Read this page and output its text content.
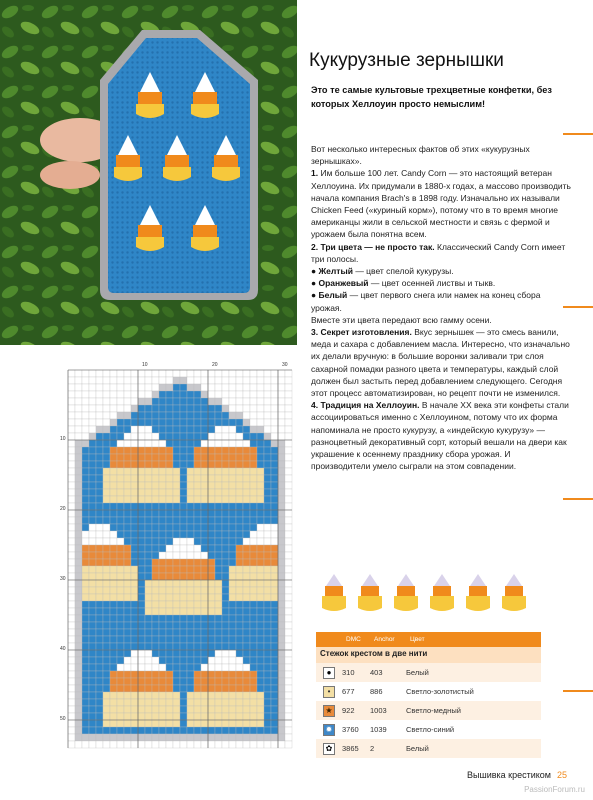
Кукурузные зернышки
Это те самые культовые трехцветные конфетки, без которых Хеллоуин просто немыслим!

Вот несколько интересных фактов об этих «кукурузных зернышках».

1. Им больше 100 лет. Candy Corn — это настоящий ветеран Хеллоуина. Их придумали в 1880-х годах, а массово производить начала компания Brach's в 1898 году. Изначально их называли Chicken Feed («куриный корм»), потому что в то время многие американцы жили в сельской местности и связь с фермой и урожаем была понятна всем.

2. Три цвета — не просто так. Классический Candy Corn имеет три полосы.

● Желтый — цвет спелой кукурузы.

● Оранжевый — цвет осенней листвы и тыкв.

● Белый — цвет первого снега или намек на конец сбора урожая.

Вместе эти цвета передают всю гамму осени.

3. Секрет изготовления. Вкус зернышек — это смесь ванили, меда и сахара с добавлением масла. Интересно, что изначально их делали вручную: в большие воронки заливали три слоя сахарной помадки разного цвета и температуры, каждый слой должен был застыть перед добавлением следующего. Сегодня этот процесс автоматизирован, но рецепт почти не изменился.

4. Традиция на Хеллоуин. В начале XX века эти конфеты стали ассоциироваться именно с Хеллоуином, потому что их форма напоминала не просто кукурузу, а «индейскую кукурузу» — разноцветный декоративный сорт, который вешали на двери как украшение к осеннему празднику сбора урожая. И производители умело сыграли на этом совпадении.

10	20	30
10
20
30
40
50
DMC	Anchor	Цвет
Стежок крестом в две нити
● 310	403	Белый
• 677	886	Светло-золотистый
★ 922	1003	Светло-медный
✹ 3760	1039	Светло-синий
✿ 3865	2	Белый
Вышивка крестиком 25
PassionForum.ru
